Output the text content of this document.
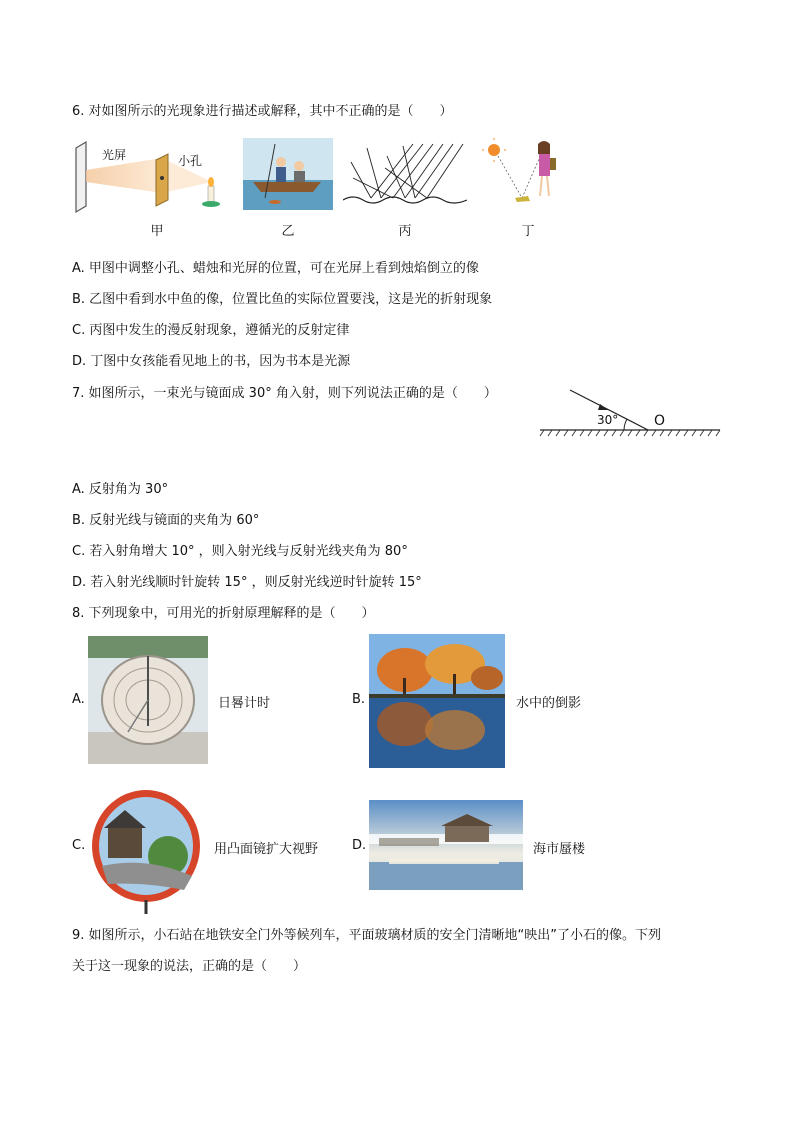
6. 对如图所示的光现象进行描述或解释，其中不正确的是（　　）
光屏	小孔
甲	乙	丙	丁
A. 甲图中调整小孔、蜡烛和光屏的位置，可在光屏上看到烛焰倒立的像
B. 乙图中看到水中鱼的像，位置比鱼的实际位置要浅，这是光的折射现象
C. 丙图中发生的漫反射现象，遵循光的反射定律
D. 丁图中女孩能看见地上的书，因为书本是光源
7. 如图所示，一束光与镜面成 30° 角入射，则下列说法正确的是（　　）
30°	O
A. 反射角为 30°
B. 反射光线与镜面的夹角为 60°
C. 若入射角增大 10° ，则入射光线与反射光线夹角为 80°
D. 若入射光线顺时针旋转 15° ，则反射光线逆时针旋转 15°
8. 下列现象中，可用光的折射原理解释的是（　　）
A.	日晷计时	B.	水中的倒影
C.	用凸面镜扩大视野	D.	海市蜃楼
9. 如图所示，小石站在地铁安全门外等候列车，平面玻璃材质的安全门清晰地“映出”了小石的像。下列
关于这一现象的说法，正确的是（　　）
